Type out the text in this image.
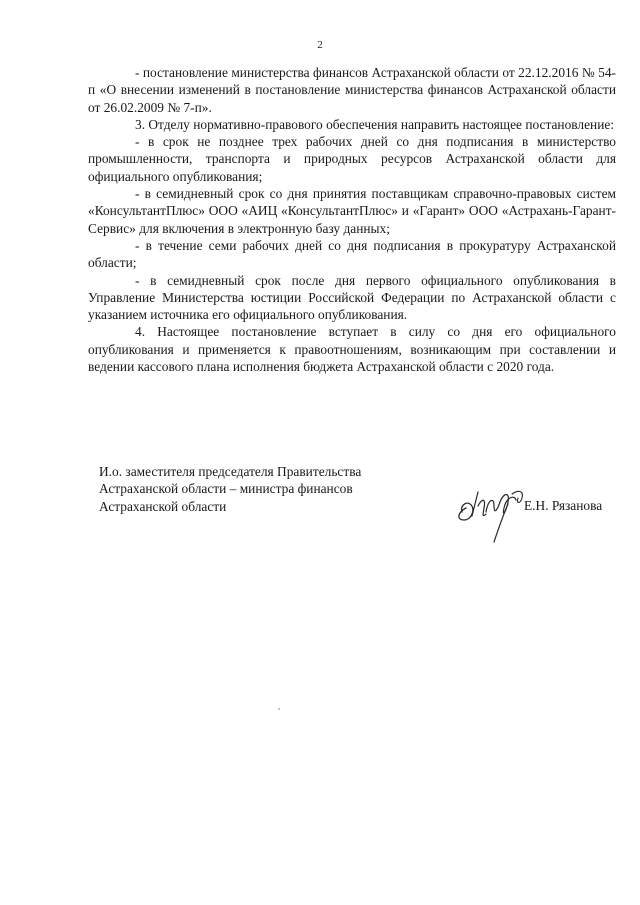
2

- постановление министерства финансов Астраханской области от 22.12.2016 № 54-п «О внесении изменений в постановление министерства финансов Астраханской области от 26.02.2009 № 7-п».

3. Отделу нормативно-правового обеспечения направить настоящее постановление:

- в срок не позднее трех рабочих дней со дня подписания в министерство промышленности, транспорта и природных ресурсов Астраханской области для официального опубликования;

- в семидневный срок со дня принятия поставщикам справочно-правовых систем «КонсультантПлюс» ООО «АИЦ «КонсультантПлюс» и «Гарант» ООО «Астрахань-Гарант-Сервис» для включения в электронную базу данных;

- в течение семи рабочих дней со дня подписания в прокуратуру Астраханской области;

- в семидневный срок после дня первого официального опубликования в Управление Министерства юстиции Российской Федерации по Астраханской области с указанием источника его официального опубликования.

4. Настоящее постановление вступает в силу со дня его официального опубликования и применяется к правоотношениям, возникающим при составлении и ведении кассового плана исполнения бюджета Астраханской области с 2020 года.

И.о. заместителя председателя Правительства
Астраханской области – министра финансов
Астраханской области	Е.Н. Рязанова
